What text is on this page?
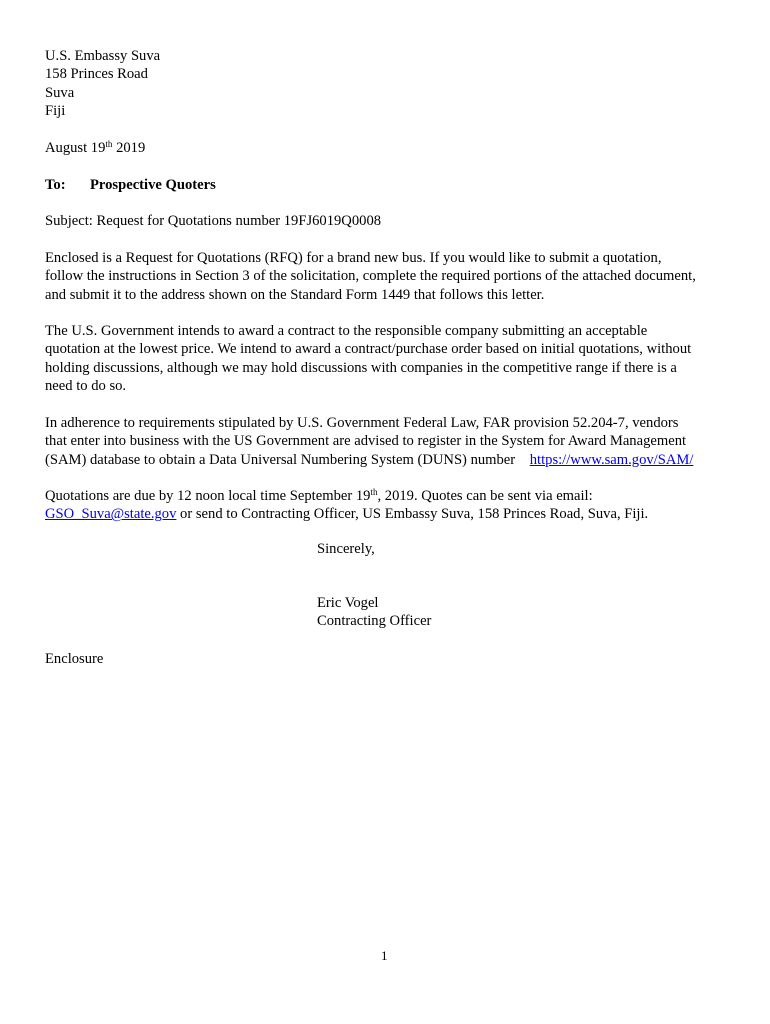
U.S. Embassy Suva
158 Princes Road
Suva
Fiji
August 19th 2019
To: Prospective Quoters
Subject: Request for Quotations number 19FJ6019Q0008
Enclosed is a Request for Quotations (RFQ) for a brand new bus. If you would like to submit a quotation,
follow the instructions in Section 3 of the solicitation, complete the required portions of the attached document,
and submit it to the address shown on the Standard Form 1449 that follows this letter.
The U.S. Government intends to award a contract to the responsible company submitting an acceptable
quotation at the lowest price. We intend to award a contract/purchase order based on initial quotations, without
holding discussions, although we may hold discussions with companies in the competitive range if there is a
need to do so.
In adherence to requirements stipulated by U.S. Government Federal Law, FAR provision 52.204-7, vendors
that enter into business with the US Government are advised to register in the System for Award Management
(SAM) database to obtain a Data Universal Numbering System (DUNS) number    https://www.sam.gov/SAM/
Quotations are due by 12 noon local time September 19th, 2019. Quotes can be sent via email:
GSO_Suva@state.gov or send to Contracting Officer, US Embassy Suva, 158 Princes Road, Suva, Fiji.
Sincerely,
Eric Vogel
Contracting Officer
Enclosure
1
